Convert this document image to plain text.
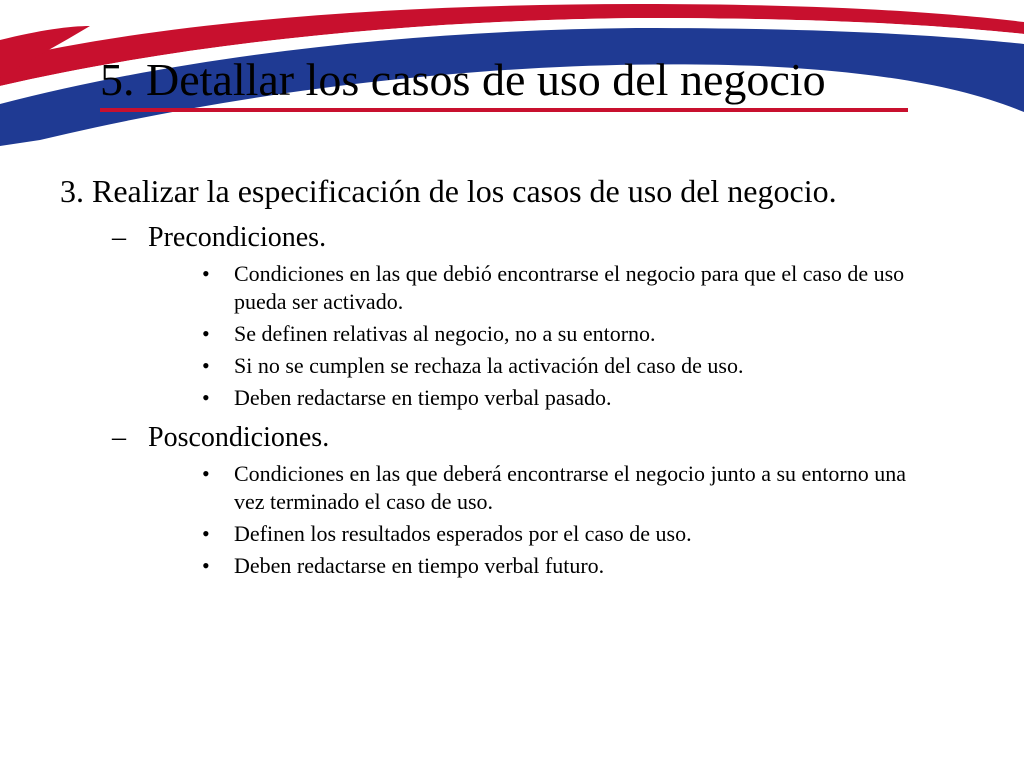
5. Detallar los casos de uso del negocio

3. Realizar la especificación de los casos de uso del negocio.

– Precondiciones.

• Condiciones en las que debió encontrarse el negocio para que el caso de uso pueda ser activado.
• Se definen relativas al negocio, no a su entorno.
• Si no se cumplen se rechaza la activación del caso de uso.
• Deben redactarse en tiempo verbal pasado.

– Poscondiciones.

• Condiciones en las que deberá encontrarse el negocio junto a su entorno una vez terminado el caso de uso.
• Definen los resultados esperados por el caso de uso.
• Deben redactarse en tiempo verbal futuro.
